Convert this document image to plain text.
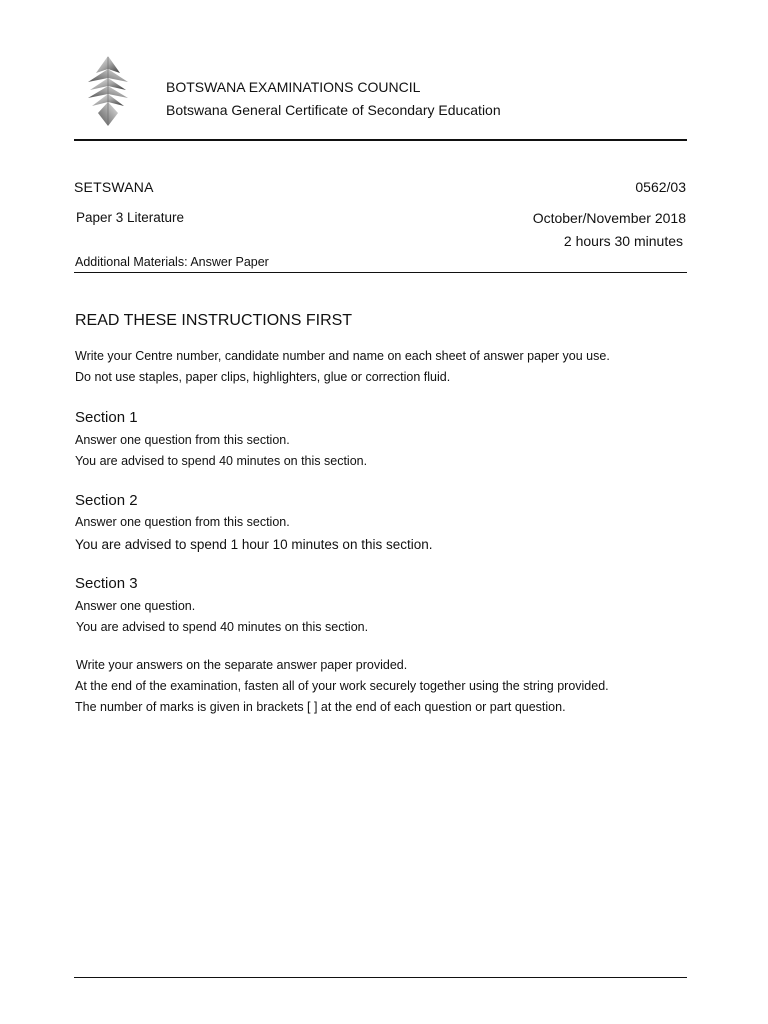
BOTSWANA EXAMINATIONS COUNCIL
Botswana General Certificate of Secondary Education
SETSWANA	0562/03
Paper 3 Literature	October/November 2018
2 hours 30 minutes
Additional Materials: Answer Paper
READ THESE INSTRUCTIONS FIRST
Write your Centre number, candidate number and name on each sheet of answer paper you use.
Do not use staples, paper clips, highlighters, glue or correction fluid.
Section 1
Answer one question from this section.
You are advised to spend 40 minutes on this section.
Section 2
Answer one question from this section.
You are advised to spend 1 hour 10 minutes on this section.
Section 3
Answer one question.
You are advised to spend 40 minutes on this section.
Write your answers on the separate answer paper provided.
At the end of the examination, fasten all of your work securely together using the string provided.
The number of marks is given in brackets [ ] at the end of each question or part question.
